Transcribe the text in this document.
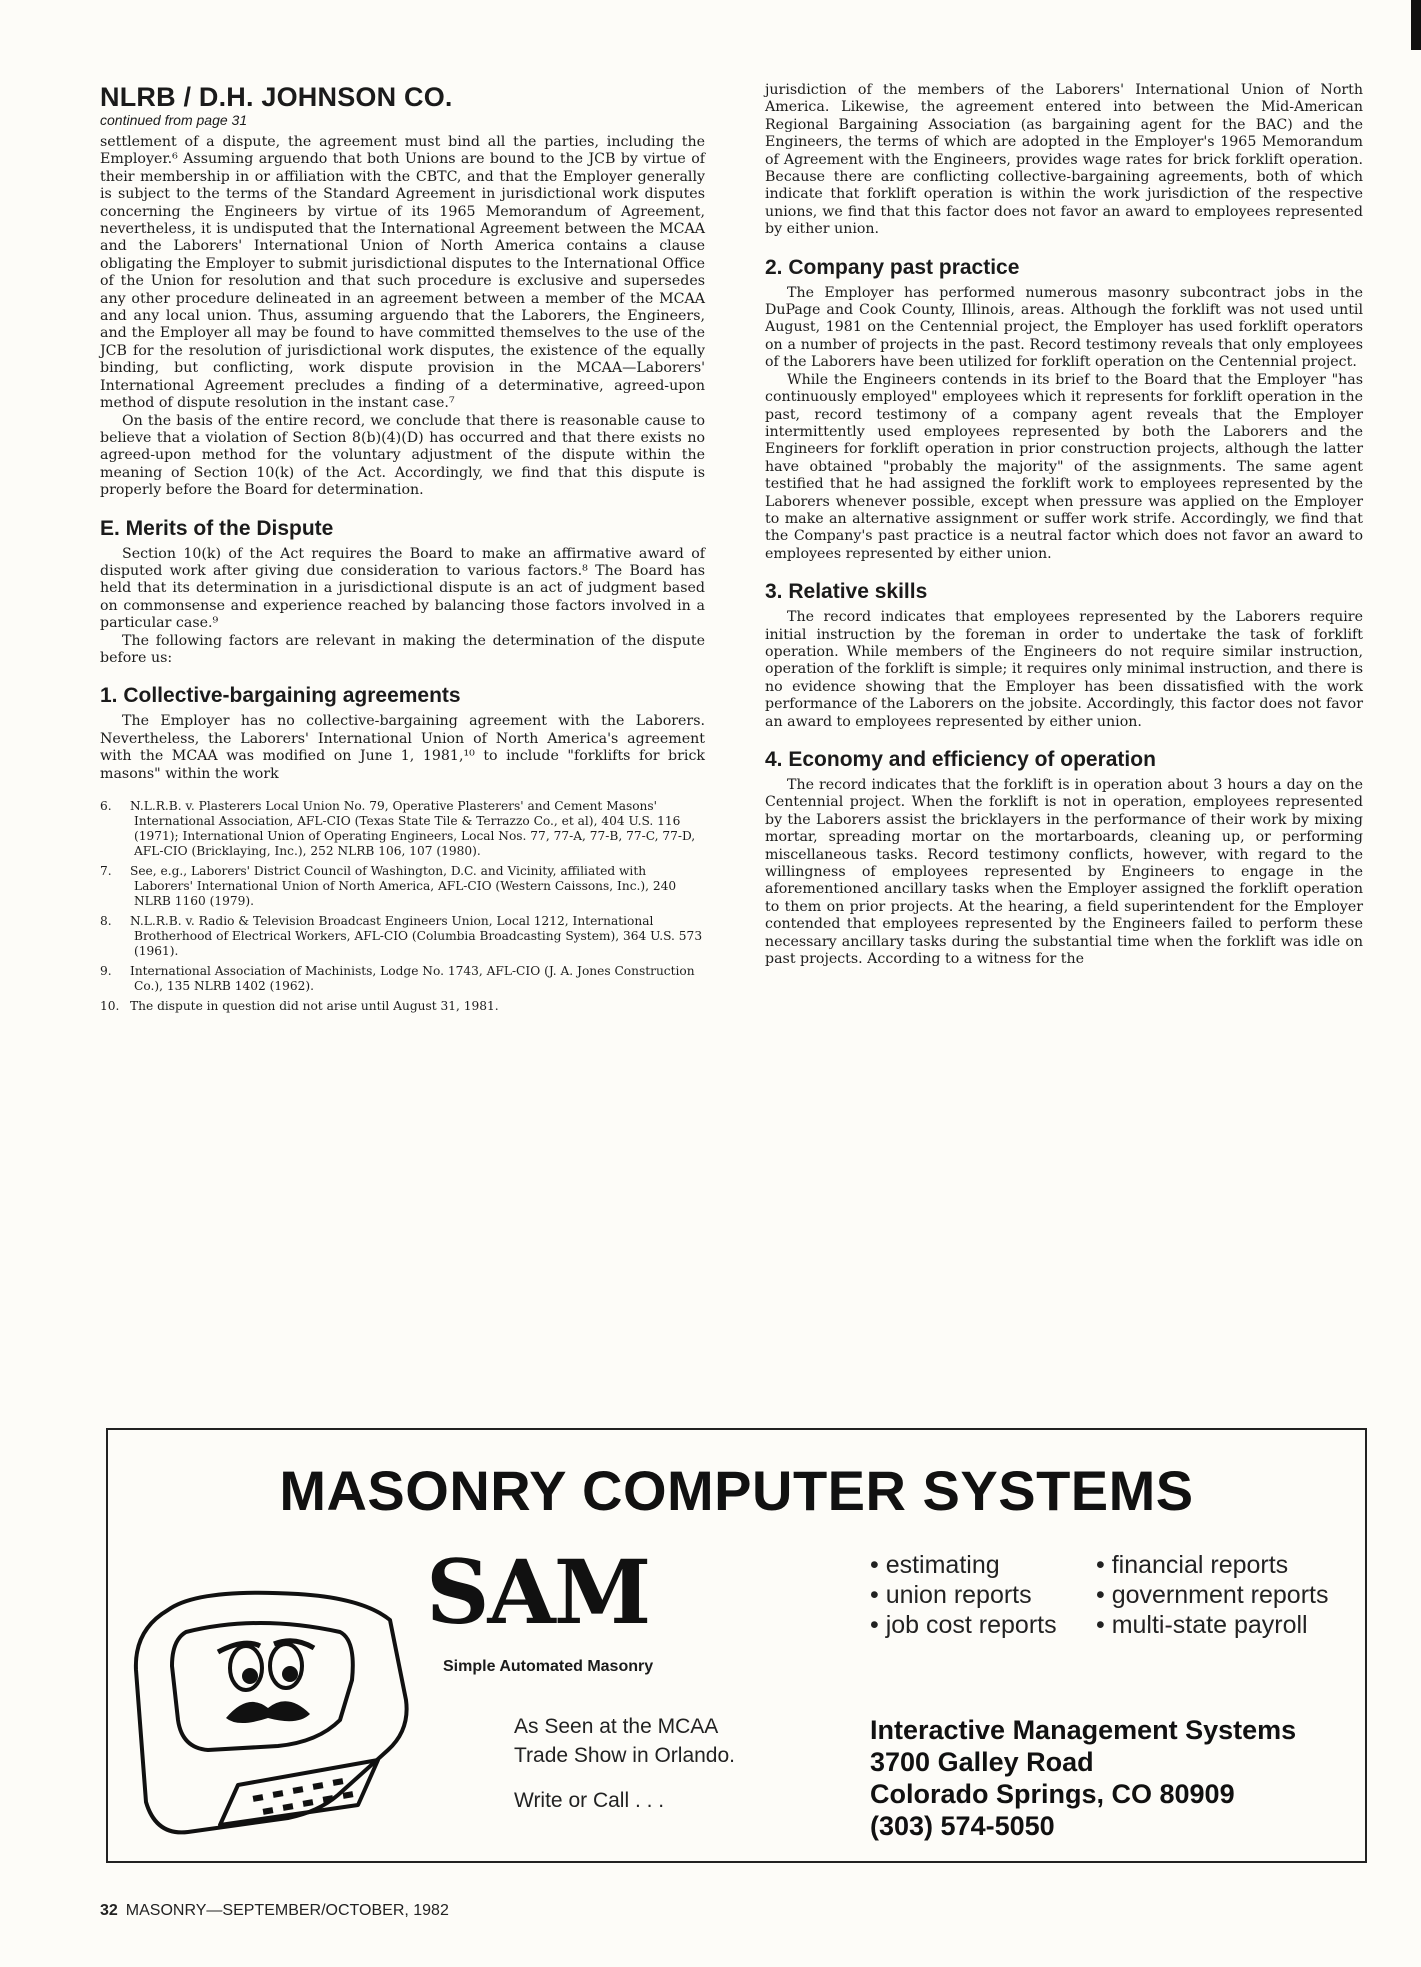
NLRB / D.H. JOHNSON CO.

continued from page 31

settlement of a dispute, the agreement must bind all the parties, including the Employer.⁶ Assuming arguendo that both Unions are bound to the JCB by virtue of their membership in or affiliation with the CBTC, and that the Employer generally is subject to the terms of the Standard Agreement in jurisdictional work disputes concerning the Engineers by virtue of its 1965 Memorandum of Agreement, nevertheless, it is undisputed that the International Agreement between the MCAA and the Laborers' International Union of North America contains a clause obligating the Employer to submit jurisdictional disputes to the International Office of the Union for resolution and that such procedure is exclusive and supersedes any other procedure delineated in an agreement between a member of the MCAA and any local union. Thus, assuming arguendo that the Laborers, the Engineers, and the Employer all may be found to have committed themselves to the use of the JCB for the resolution of jurisdictional work disputes, the existence of the equally binding, but conflicting, work dispute provision in the MCAA—Laborers' International Agreement precludes a finding of a determinative, agreed-upon method of dispute resolution in the instant case.⁷

On the basis of the entire record, we conclude that there is reasonable cause to believe that a violation of Section 8(b)(4)(D) has occurred and that there exists no agreed-upon method for the voluntary adjustment of the dispute within the meaning of Section 10(k) of the Act. Accordingly, we find that this dispute is properly before the Board for determination.

E. Merits of the Dispute

Section 10(k) of the Act requires the Board to make an affirmative award of disputed work after giving due consideration to various factors.⁸ The Board has held that its determination in a jurisdictional dispute is an act of judgment based on commonsense and experience reached by balancing those factors involved in a particular case.⁹

The following factors are relevant in making the determination of the dispute before us:

1. Collective-bargaining agreements

The Employer has no collective-bargaining agreement with the Laborers. Nevertheless, the Laborers' International Union of North America's agreement with the MCAA was modified on June 1, 1981,¹⁰ to include "forklifts for brick masons" within the work

6. N.L.R.B. v. Plasterers Local Union No. 79, Operative Plasterers' and Cement Masons' International Association, AFL-CIO (Texas State Tile & Terrazzo Co., et al), 404 U.S. 116 (1971); International Union of Operating Engineers, Local Nos. 77, 77-A, 77-B, 77-C, 77-D, AFL-CIO (Bricklaying, Inc.), 252 NLRB 106, 107 (1980).
7. See, e.g., Laborers' District Council of Washington, D.C. and Vicinity, affiliated with Laborers' International Union of North America, AFL-CIO (Western Caissons, Inc.), 240 NLRB 1160 (1979).
8. N.L.R.B. v. Radio & Television Broadcast Engineers Union, Local 1212, International Brotherhood of Electrical Workers, AFL-CIO (Columbia Broadcasting System), 364 U.S. 573 (1961).
9. International Association of Machinists, Lodge No. 1743, AFL-CIO (J. A. Jones Construction Co.), 135 NLRB 1402 (1962).
10. The dispute in question did not arise until August 31, 1981.

jurisdiction of the members of the Laborers' International Union of North America. Likewise, the agreement entered into between the Mid-American Regional Bargaining Association (as bargaining agent for the BAC) and the Engineers, the terms of which are adopted in the Employer's 1965 Memorandum of Agreement with the Engineers, provides wage rates for brick forklift operation. Because there are conflicting collective-bargaining agreements, both of which indicate that forklift operation is within the work jurisdiction of the respective unions, we find that this factor does not favor an award to employees represented by either union.

2. Company past practice

The Employer has performed numerous masonry subcontract jobs in the DuPage and Cook County, Illinois, areas. Although the forklift was not used until August, 1981 on the Centennial project, the Employer has used forklift operators on a number of projects in the past. Record testimony reveals that only employees of the Laborers have been utilized for forklift operation on the Centennial project.

While the Engineers contends in its brief to the Board that the Employer "has continuously employed" employees which it represents for forklift operation in the past, record testimony of a company agent reveals that the Employer intermittently used employees represented by both the Laborers and the Engineers for forklift operation in prior construction projects, although the latter have obtained "probably the majority" of the assignments. The same agent testified that he had assigned the forklift work to employees represented by the Laborers whenever possible, except when pressure was applied on the Employer to make an alternative assignment or suffer work strife. Accordingly, we find that the Company's past practice is a neutral factor which does not favor an award to employees represented by either union.

3. Relative skills

The record indicates that employees represented by the Laborers require initial instruction by the foreman in order to undertake the task of forklift operation. While members of the Engineers do not require similar instruction, operation of the forklift is simple; it requires only minimal instruction, and there is no evidence showing that the Employer has been dissatisfied with the work performance of the Laborers on the jobsite. Accordingly, this factor does not favor an award to employees represented by either union.

4. Economy and efficiency of operation

The record indicates that the forklift is in operation about 3 hours a day on the Centennial project. When the forklift is not in operation, employees represented by the Laborers assist the bricklayers in the performance of their work by mixing mortar, spreading mortar on the mortarboards, cleaning up, or performing miscellaneous tasks. Record testimony conflicts, however, with regard to the willingness of employees represented by Engineers to engage in the aforementioned ancillary tasks when the Employer assigned the forklift operation to them on prior projects. At the hearing, a field superintendent for the Employer contended that employees represented by the Engineers failed to perform these necessary ancillary tasks during the substantial time when the forklift was idle on past projects. According to a witness for the

MASONRY COMPUTER SYSTEMS
SAM
Simple Automated Masonry
As Seen at the MCAA
Trade Show in Orlando.
Write or Call . . .
• estimating
• union reports
• job cost reports
• financial reports
• government reports
• multi-state payroll
Interactive Management Systems
3700 Galley Road
Colorado Springs, CO 80909
(303) 574-5050
32 MASONRY—SEPTEMBER/OCTOBER, 1982
